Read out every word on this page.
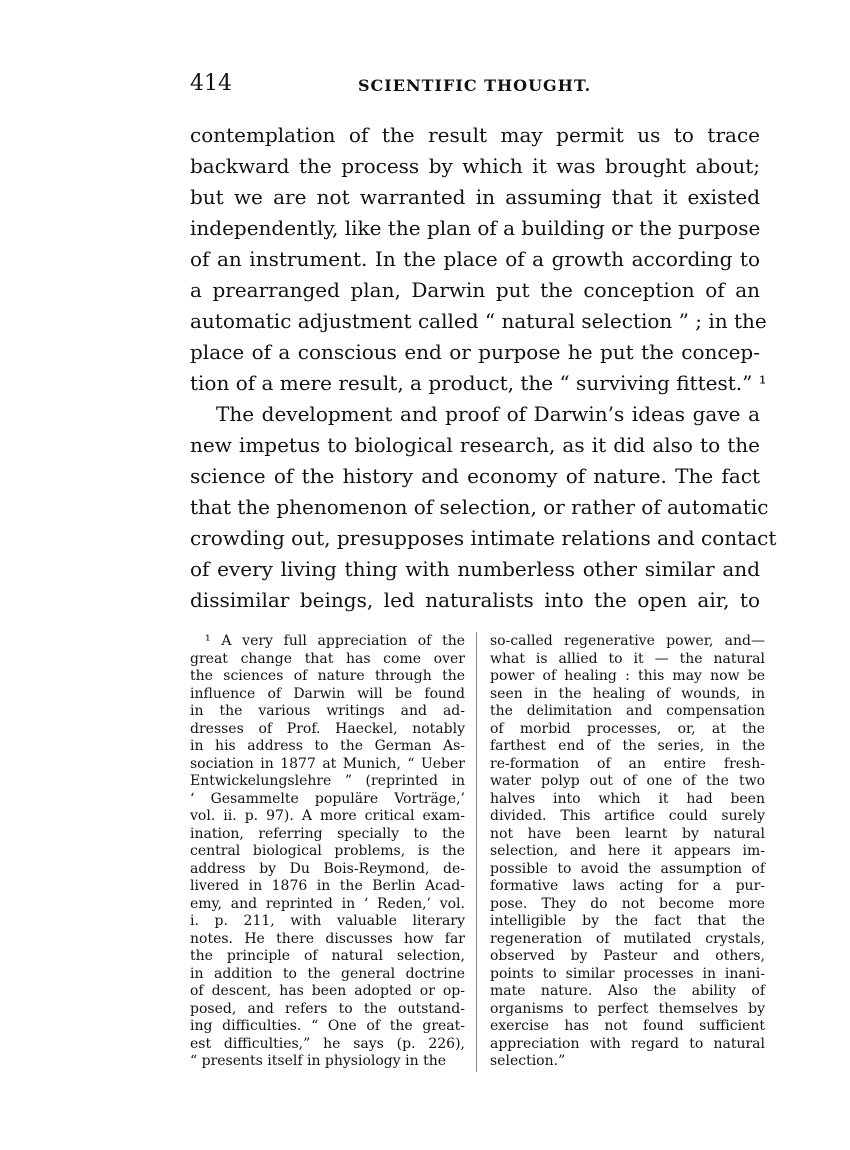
414	SCIENTIFIC THOUGHT.
contemplation of the result may permit us to trace
backward the process by which it was brought about;
but we are not warranted in assuming that it existed
independently, like the plan of a building or the purpose
of an instrument. In the place of a growth according to
a prearranged plan, Darwin put the conception of an
automatic adjustment called “ natural selection ” ; in the
place of a conscious end or purpose he put the concep-
tion of a mere result, a product, the “ surviving fittest.” ¹
The development and proof of Darwin’s ideas gave a
new impetus to biological research, as it did also to the
science of the history and economy of nature. The fact
that the phenomenon of selection, or rather of automatic
crowding out, presupposes intimate relations and contact
of every living thing with numberless other similar and
dissimilar beings, led naturalists into the open air, to
¹ A very full appreciation of the
great change that has come over
the sciences of nature through the
influence of Darwin will be found
in the various writings and ad-
dresses of Prof. Haeckel, notably
in his address to the German As-
sociation in 1877 at Munich, “ Ueber
Entwickelungslehre ” (reprinted in
‘ Gesammelte populäre Vorträge,’
vol. ii. p. 97). A more critical exam-
ination, referring specially to the
central biological problems, is the
address by Du Bois-Reymond, de-
livered in 1876 in the Berlin Acad-
emy, and reprinted in ‘ Reden,’ vol.
i. p. 211, with valuable literary
notes. He there discusses how far
the principle of natural selection,
in addition to the general doctrine
of descent, has been adopted or op-
posed, and refers to the outstand-
ing difficulties. “ One of the great-
est difficulties,” he says (p. 226),
“ presents itself in physiology in the
so-called regenerative power, and—
what is allied to it — the natural
power of healing : this may now be
seen in the healing of wounds, in
the delimitation and compensation
of morbid processes, or, at the
farthest end of the series, in the
re-formation of an entire fresh-
water polyp out of one of the two
halves into which it had been
divided. This artifice could surely
not have been learnt by natural
selection, and here it appears im-
possible to avoid the assumption of
formative laws acting for a pur-
pose. They do not become more
intelligible by the fact that the
regeneration of mutilated crystals,
observed by Pasteur and others,
points to similar processes in inani-
mate nature. Also the ability of
organisms to perfect themselves by
exercise has not found sufficient
appreciation with regard to natural
selection.”
